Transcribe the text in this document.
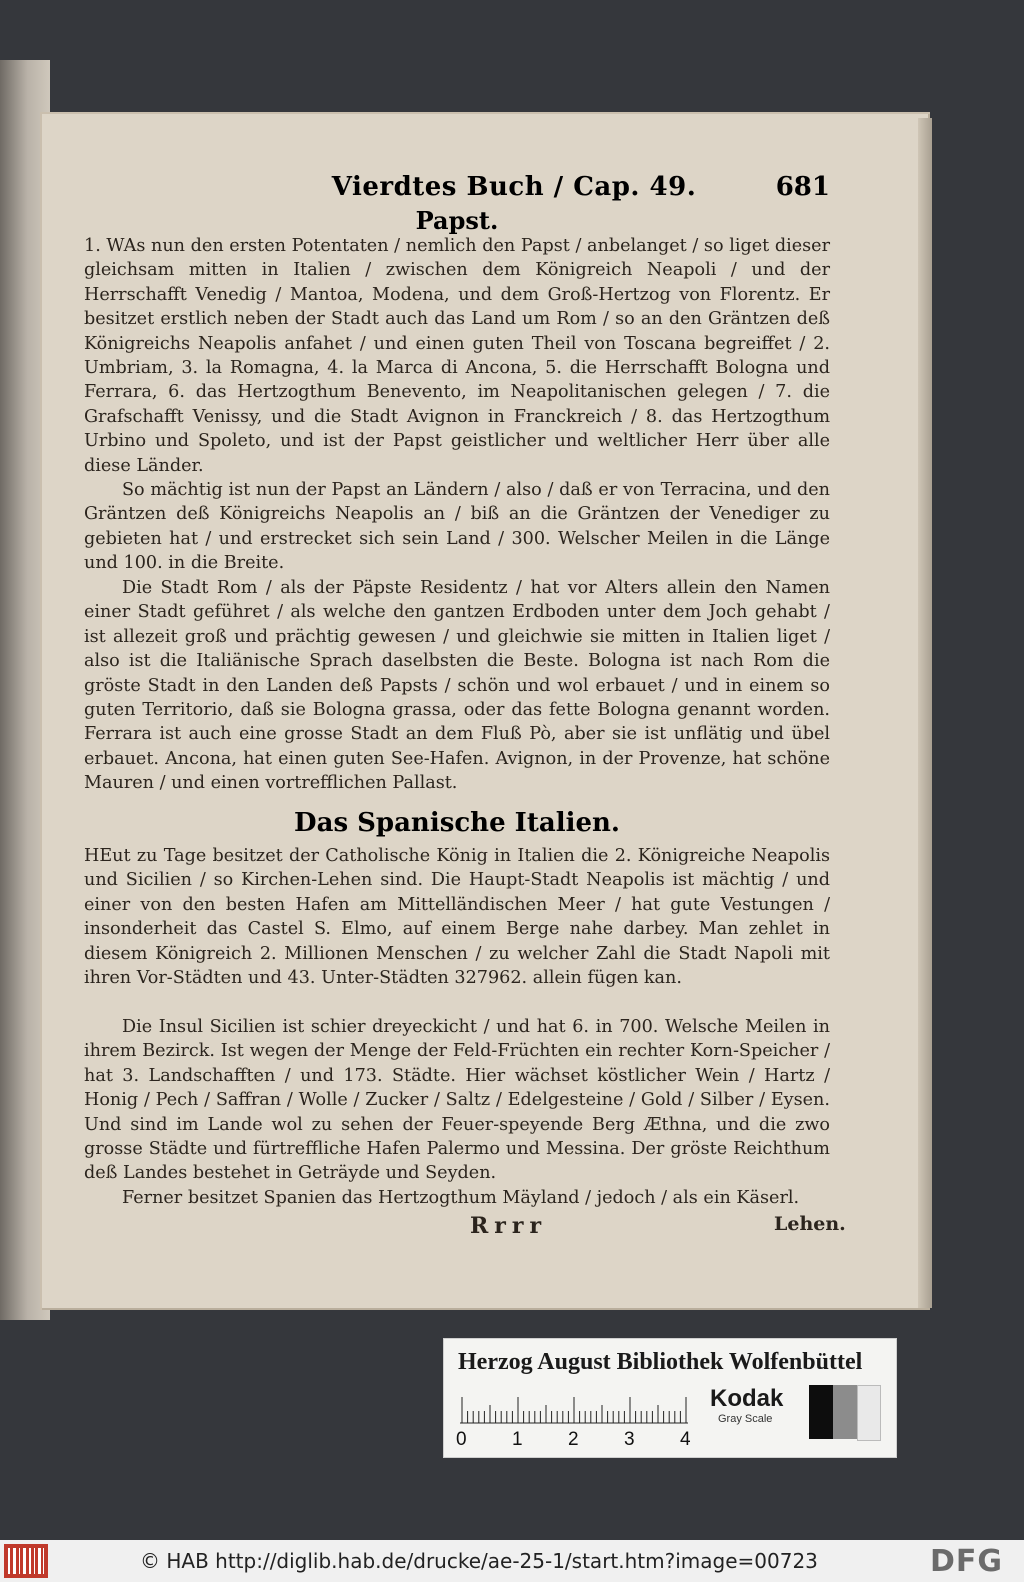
Vierdtes Buch / Cap. 49.	681
Papst.

1. WAs nun den ersten Potentaten / nemlich den Papst / anbelanget / so liget dieser gleichsam mitten in Italien / zwischen dem Königreich Neapoli / und der Herrschafft Venedig / Mantoa, Modena, und dem Groß-Hertzog von Florentz. Er besitzet erstlich neben der Stadt auch das Land um Rom / so an den Gräntzen deß Königreichs Neapolis anfahet / und einen guten Theil von Toscana begreiffet / 2. Umbriam, 3. la Romagna, 4. la Marca di Ancona, 5. die Herrschafft Bologna und Ferrara, 6. das Hertzogthum Benevento, im Neapolitanischen gelegen / 7. die Grafschafft Venissy, und die Stadt Avignon in Franckreich / 8. das Hertzogthum Urbino und Spoleto, und ist der Papst geistlicher und weltlicher Herr über alle diese Länder.

So mächtig ist nun der Papst an Ländern / also / daß er von Terracina, und den Gräntzen deß Königreichs Neapolis an / biß an die Gräntzen der Venediger zu gebieten hat / und erstrecket sich sein Land / 300. Welscher Meilen in die Länge und 100. in die Breite.

Die Stadt Rom / als der Päpste Residentz / hat vor Alters allein den Namen einer Stadt geführet / als welche den gantzen Erdboden unter dem Joch gehabt / ist allezeit groß und prächtig gewesen / und gleichwie sie mitten in Italien liget / also ist die Italiänische Sprach daselbsten die Beste. Bologna ist nach Rom die gröste Stadt in den Landen deß Papsts / schön und wol erbauet / und in einem so guten Territorio, daß sie Bologna grassa, oder das fette Bologna genannt worden. Ferrara ist auch eine grosse Stadt an dem Fluß Pò, aber sie ist unflätig und übel erbauet. Ancona, hat einen guten See-Hafen. Avignon, in der Provenze, hat schöne Mauren / und einen vortrefflichen Pallast.

Das Spanische Italien.

HEut zu Tage besitzet der Catholische König in Italien die 2. Königreiche Neapolis und Sicilien / so Kirchen-Lehen sind. Die Haupt-Stadt Neapolis ist mächtig / und einer von den besten Hafen am Mittelländischen Meer / hat gute Vestungen / insonderheit das Castel S. Elmo, auf einem Berge nahe darbey. Man zehlet in diesem Königreich 2. Millionen Menschen / zu welcher Zahl die Stadt Napoli mit ihren Vor-Städten und 43. Unter-Städten 327962. allein fügen kan.

Die Insul Sicilien ist schier dreyeckicht / und hat 6. in 700. Welsche Meilen in ihrem Bezirck. Ist wegen der Menge der Feld-Früchten ein rechter Korn-Speicher / hat 3. Landschafften / und 173. Städte. Hier wächset köstlicher Wein / Hartz / Honig / Pech / Saffran / Wolle / Zucker / Saltz / Edelgesteine / Gold / Silber / Eysen. Und sind im Lande wol zu sehen der Feuer-speyende Berg Æthna, und die zwo grosse Städte und fürtreffliche Hafen Palermo und Messina. Der gröste Reichthum deß Landes bestehet in Geträyde und Seyden.

Ferner besitzet Spanien das Hertzogthum Mäyland / jedoch / als ein Käserl.

Rrrr	Lehen.
Herzog August Bibliothek Wolfenbüttel
0 1 2 3 4
Kodak
Gray Scale
© HAB http://diglib.hab.de/drucke/ae-25-1/start.htm?image=00723	DFG
